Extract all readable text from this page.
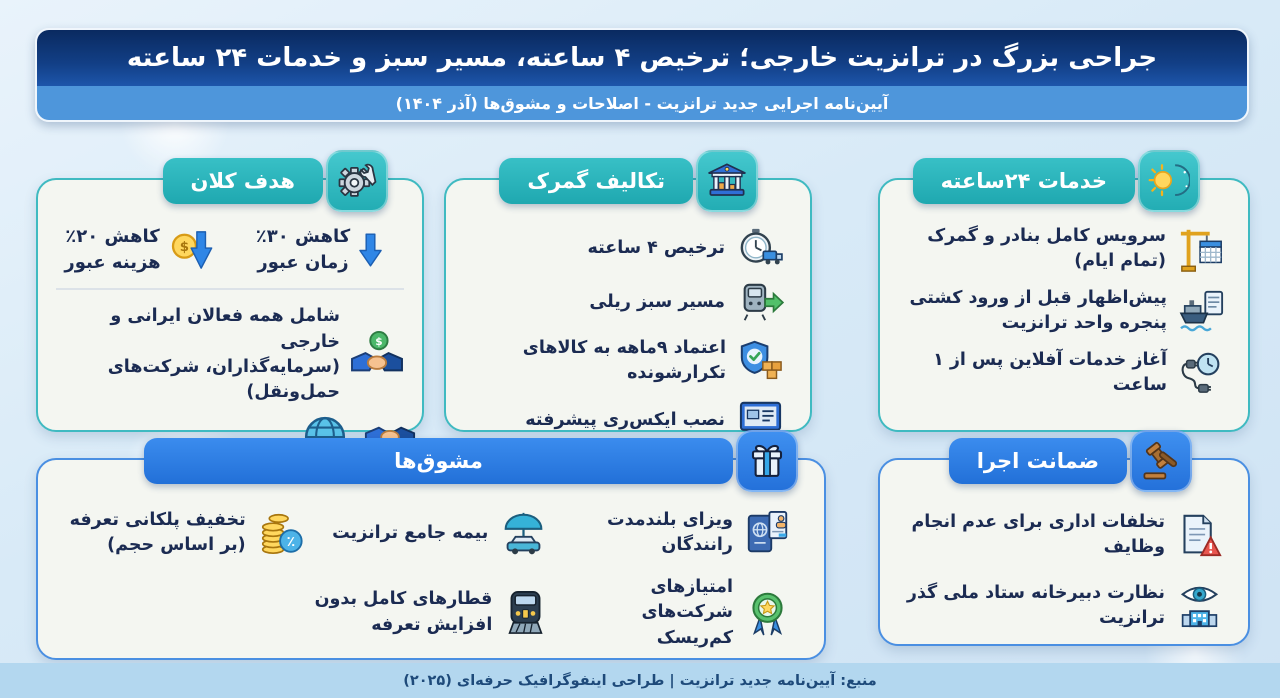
جراحی بزرگ در ترانزیت خارجی؛ ترخیص ۴ ساعته، مسیر سبز و خدمات ۲۴ ساعته
آیین‌نامه اجرایی جدید ترانزیت - اصلاحات و مشوق‌ها (آذر ۱۴۰۴)
هدف کلان
کاهش ۳۰٪
زمان عبور
$
کاهش ۲۰٪
هزینه عبور
$
شامل همه فعالان ایرانی و خارجی
(سرمایه‌گذاران، شرکت‌های حمل‌ونقل)
تکالیف گمرک
ترخیص ۴ ساعته
مسیر سبز ریلی
اعتماد ۹ماهه به کالاهای تکرارشونده
نصب ایکس‌ری پیشرفته
خدمات ۲۴ساعته
سرویس کامل بنادر و گمرک
(تمام ایام)
پیش‌اظهار قبل از ورود کشتی
پنجره واحد ترانزیت
آغاز خدمات آفلاین پس از ۱ ساعت
مشوق‌ها
ویزای بلندمدت
رانندگان
بیمه جامع ترانزیت
٪
تخفیف پلکانی تعرفه
(بر اساس حجم)
امتیازهای شرکت‌های
کم‌ریسک
قطارهای کامل بدون
افزایش تعرفه
ضمانت اجرا
تخلفات اداری برای عدم انجام وظایف
نظارت دبیرخانه ستاد ملی گذر ترانزیت
منبع: آیین‌نامه جدید ترانزیت | طراحی اینفوگرافیک حرفه‌ای (۲۰۲۵)
